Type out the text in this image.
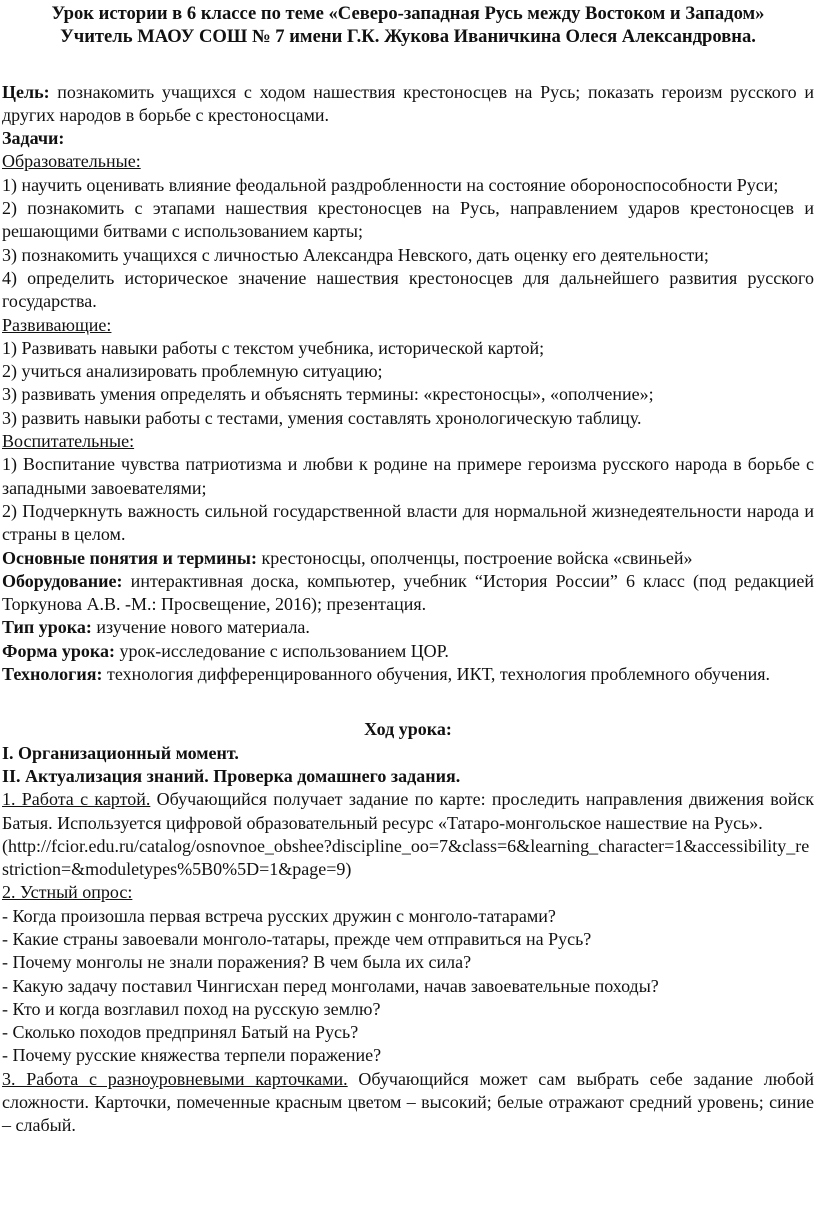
Урок истории в 6 классе по теме «Северо-западная Русь между Востоком и Западом»

Учитель МАОУ СОШ № 7 имени Г.К. Жукова Иваничкина Олеся Александровна.

Цель: познакомить учащихся с ходом нашествия крестоносцев на Русь; показать героизм русского и других народов в борьбе с крестоносцами.

Задачи:

Образовательные:

1) научить оценивать влияние феодальной раздробленности на состояние обороноспособности Руси;

2) познакомить с этапами нашествия крестоносцев на Русь, направлением ударов крестоносцев и решающими битвами с использованием карты;

3) познакомить учащихся с личностью Александра Невского, дать оценку его деятельности;

4) определить историческое значение нашествия крестоносцев для дальнейшего развития русского государства.

Развивающие:

1) Развивать навыки работы с текстом учебника, исторической картой;

2) учиться анализировать проблемную ситуацию;

3) развивать умения определять и объяснять термины: «крестоносцы», «ополчение»;

3) развить навыки работы с тестами, умения составлять хронологическую таблицу.

Воспитательные:

1) Воспитание чувства патриотизма и любви к родине на примере героизма русского народа в борьбе с западными завоевателями;

2) Подчеркнуть важность сильной государственной власти для нормальной жизнедеятельности народа и страны в целом.

Основные понятия и термины: крестоносцы, ополченцы, построение войска «свиньей»

Оборудование: интерактивная доска, компьютер, учебник “История России” 6 класс (под редакцией Торкунова А.В. -М.: Просвещение, 2016); презентация.

Тип урока: изучение нового материала.

Форма урока: урок-исследование с использованием ЦОР.

Технология: технология дифференцированного обучения, ИКТ, технология проблемного обучения.

Ход урока:

I. Организационный момент.

II. Актуализация знаний. Проверка домашнего задания.

1. Работа с картой. Обучающийся получает задание по карте: проследить направления движения войск Батыя. Используется цифровой образовательный ресурс «Татаро-монгольское нашествие на Русь».

(http://fcior.edu.ru/catalog/osnovnoe_obshee?discipline_oo=7&class=6&learning_character=1&accessibility_restriction=&moduletypes%5B0%5D=1&page=9)

2. Устный опрос:

- Когда произошла первая встреча русских дружин с монголо-татарами?

- Какие страны завоевали монголо-татары, прежде чем отправиться на Русь?

- Почему монголы не знали поражения? В чем была их сила?

- Какую задачу поставил Чингисхан перед монголами, начав завоевательные походы?

- Кто и когда возглавил поход на русскую землю?

- Сколько походов предпринял Батый на Русь?

- Почему русские княжества терпели поражение?

3. Работа с разноуровневыми карточками. Обучающийся может сам выбрать себе задание любой сложности. Карточки, помеченные красным цветом – высокий; белые отражают средний уровень; синие – слабый.
